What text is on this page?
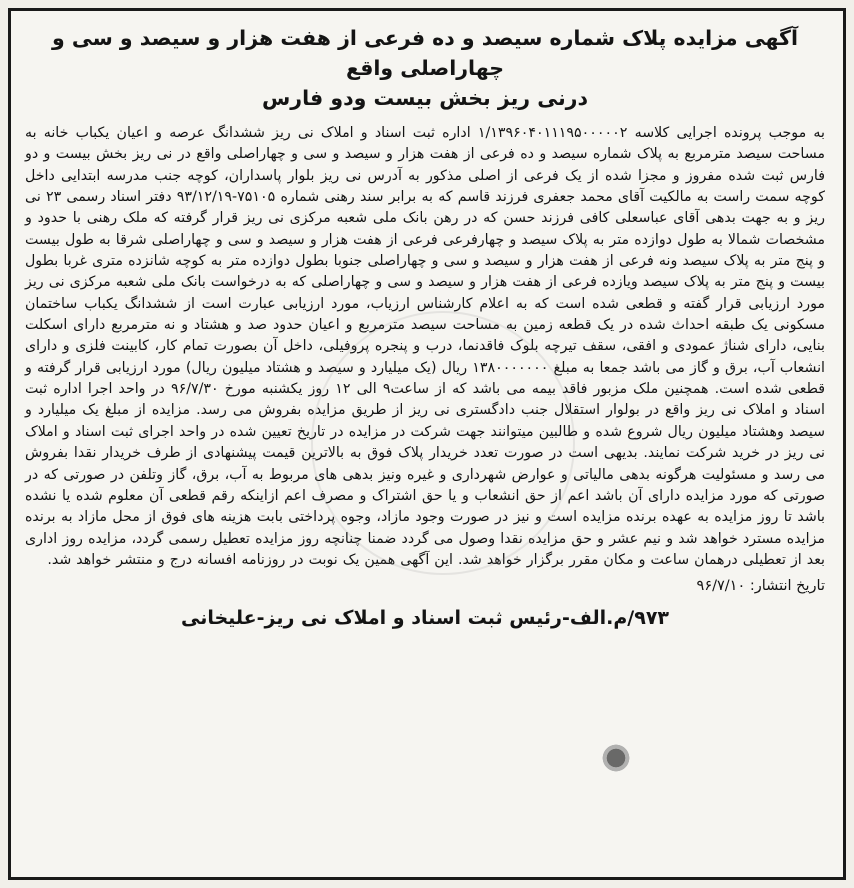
آگهی مزایده پلاک شماره سیصد و ده فرعی از هفت هزار و سیصد و سی و چهاراصلی واقع
درنی ریز بخش بیست ودو فارس

به موجب پرونده اجرایی کلاسه ۱/۱۳۹۶۰۴۰۱۱۱۹۵۰۰۰۰۰۲ اداره ثبت اسناد و املاک نی ریز ششدانگ عرصه و اعیان یکباب خانه به مساحت سیصد مترمربع به پلاک شماره سیصد و ده فرعی از هفت هزار و سیصد و سی و چهاراصلی واقع در نی ریز بخش بیست و دو فارس ثبت شده مفروز و مجزا شده از یک فرعی از اصلی مذکور به آدرس نی ریز بلوار پاسداران، کوچه جنب مدرسه ابتدایی داخل کوچه سمت راست به مالکیت آقای محمد جعفری فرزند قاسم که به برابر سند رهنی شماره ۷۵۱۰۵-۹۳/۱۲/۱۹ دفتر اسناد رسمی ۲۳ نی ریز و به جهت بدهی آقای عباسعلی کافی فرزند حسن که در رهن بانک ملی شعبه مرکزی نی ریز قرار گرفته که ملک رهنی با حدود و مشخصات شمالا به طول دوازده متر به پلاک سیصد و چهارفرعی فرعی از هفت هزار و سیصد و سی و چهاراصلی شرقا به طول بیست و پنج متر به پلاک سیصد ونه فرعی از هفت هزار و سیصد و سی و چهاراصلی جنوبا بطول دوازده متر به کوچه شانزده متری غربا بطول بیست و پنج متر به پلاک سیصد ویازده فرعی از هفت هزار و سیصد و سی و چهاراصلی که به درخواست بانک ملی شعبه مرکزی نی ریز مورد ارزیابی قرار گفته و قطعی شده است که به اعلام کارشناس ارزیاب، مورد ارزیابی عبارت است از ششدانگ یکباب ساختمان مسکونی یک طبقه احداث شده در یک قطعه زمین به مساحت سیصد مترمربع و اعیان حدود صد و هشتاد و نه مترمربع دارای اسکلت بنایی، دارای شناژ عمودی و افقی، سقف تیرچه بلوک فاقدنما، درب و پنجره پروفیلی، داخل آن بصورت تمام کار، کابینت فلزی و دارای انشعاب آب، برق و گاز می باشد جمعا به مبلغ ۱۳۸۰۰۰۰۰۰۰ ریال (یک میلیارد و سیصد و هشتاد میلیون ریال) مورد ارزیابی قرار گرفته و قطعی شده است. همچنین ملک مزبور فاقد بیمه می باشد که از ساعت۹ الی ۱۲ روز یکشنبه مورخ ۹۶/۷/۳۰ در واحد اجرا اداره ثبت اسناد و املاک نی ریز واقع در بولوار استقلال جنب دادگستری نی ریز از طریق مزایده بفروش می رسد. مزایده از مبلغ یک میلیارد و سیصد وهشتاد میلیون ریال شروع شده و طالبین میتوانند جهت شرکت در مزایده در تاریخ تعیین شده در واحد اجرای ثبت اسناد و املاک نی ریز در خرید شرکت نمایند. بدیهی است در صورت تعدد خریدار پلاک فوق به بالاترین قیمت پیشنهادی از طرف خریدار نقدا بفروش می رسد و مسئولیت هرگونه بدهی مالیاتی و عوارض شهرداری و غیره ونیز بدهی های مربوط به آب، برق، گاز وتلفن در صورتی که در صورتی که مورد مزایده دارای آن باشد اعم از حق انشعاب و یا حق اشتراک و مصرف اعم ازاینکه رقم قطعی آن معلوم شده یا نشده باشد تا روز مزایده به عهده برنده مزایده است و نیز در صورت وجود مازاد، وجوه پرداختی بابت هزینه های فوق از محل مازاد به برنده مزایده مسترد خواهد شد و نیم عشر و حق مزایده نقدا وصول می گردد ضمنا چنانچه روز مزایده تعطیل رسمی گردد، مزایده روز اداری بعد از تعطیلی درهمان ساعت و مکان مقرر برگزار خواهد شد. این آگهی همین یک نوبت در روزنامه افسانه درج و منتشر خواهد شد.

تاریخ انتشار: ۹۶/۷/۱۰
۹۷۳/م.الف-رئیس ثبت اسناد و املاک نی ریز-علیخانی
